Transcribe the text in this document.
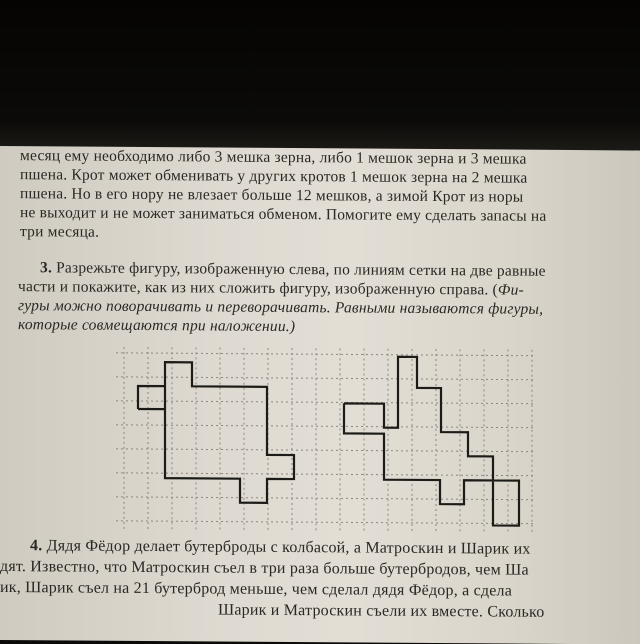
месяц ему необходимо либо 3 мешка зерна, либо 1 мешок зерна и 3 мешка
пшена. Крот может обменивать у других кротов 1 мешок зерна на 2 мешка
пшена. Но в его нору не влезает больше 12 мешков, а зимой Крот из норы
не выходит и не может заниматься обменом. Помогите ему сделать запасы на
три месяца.
3. Разрежьте фигуру, изображенную слева, по линиям сетки на две равные
части и покажите, как из них сложить фигуру, изображенную справа. (Фи-
гуры можно поворачивать и переворачивать. Равными называются фигуры,
которые совмещаются при наложении.)
4. Дядя Фёдор делает бутерброды с колбасой, а Матроскин и Шарик их
дят. Известно, что Матроскин съел в три раза больше бутербродов, чем Ша
ик, Шарик съел на 21 бутерброд меньше, чем сделал дядя Фёдор, а сдела
Шарик и Матроскин съели их вместе. Сколько
